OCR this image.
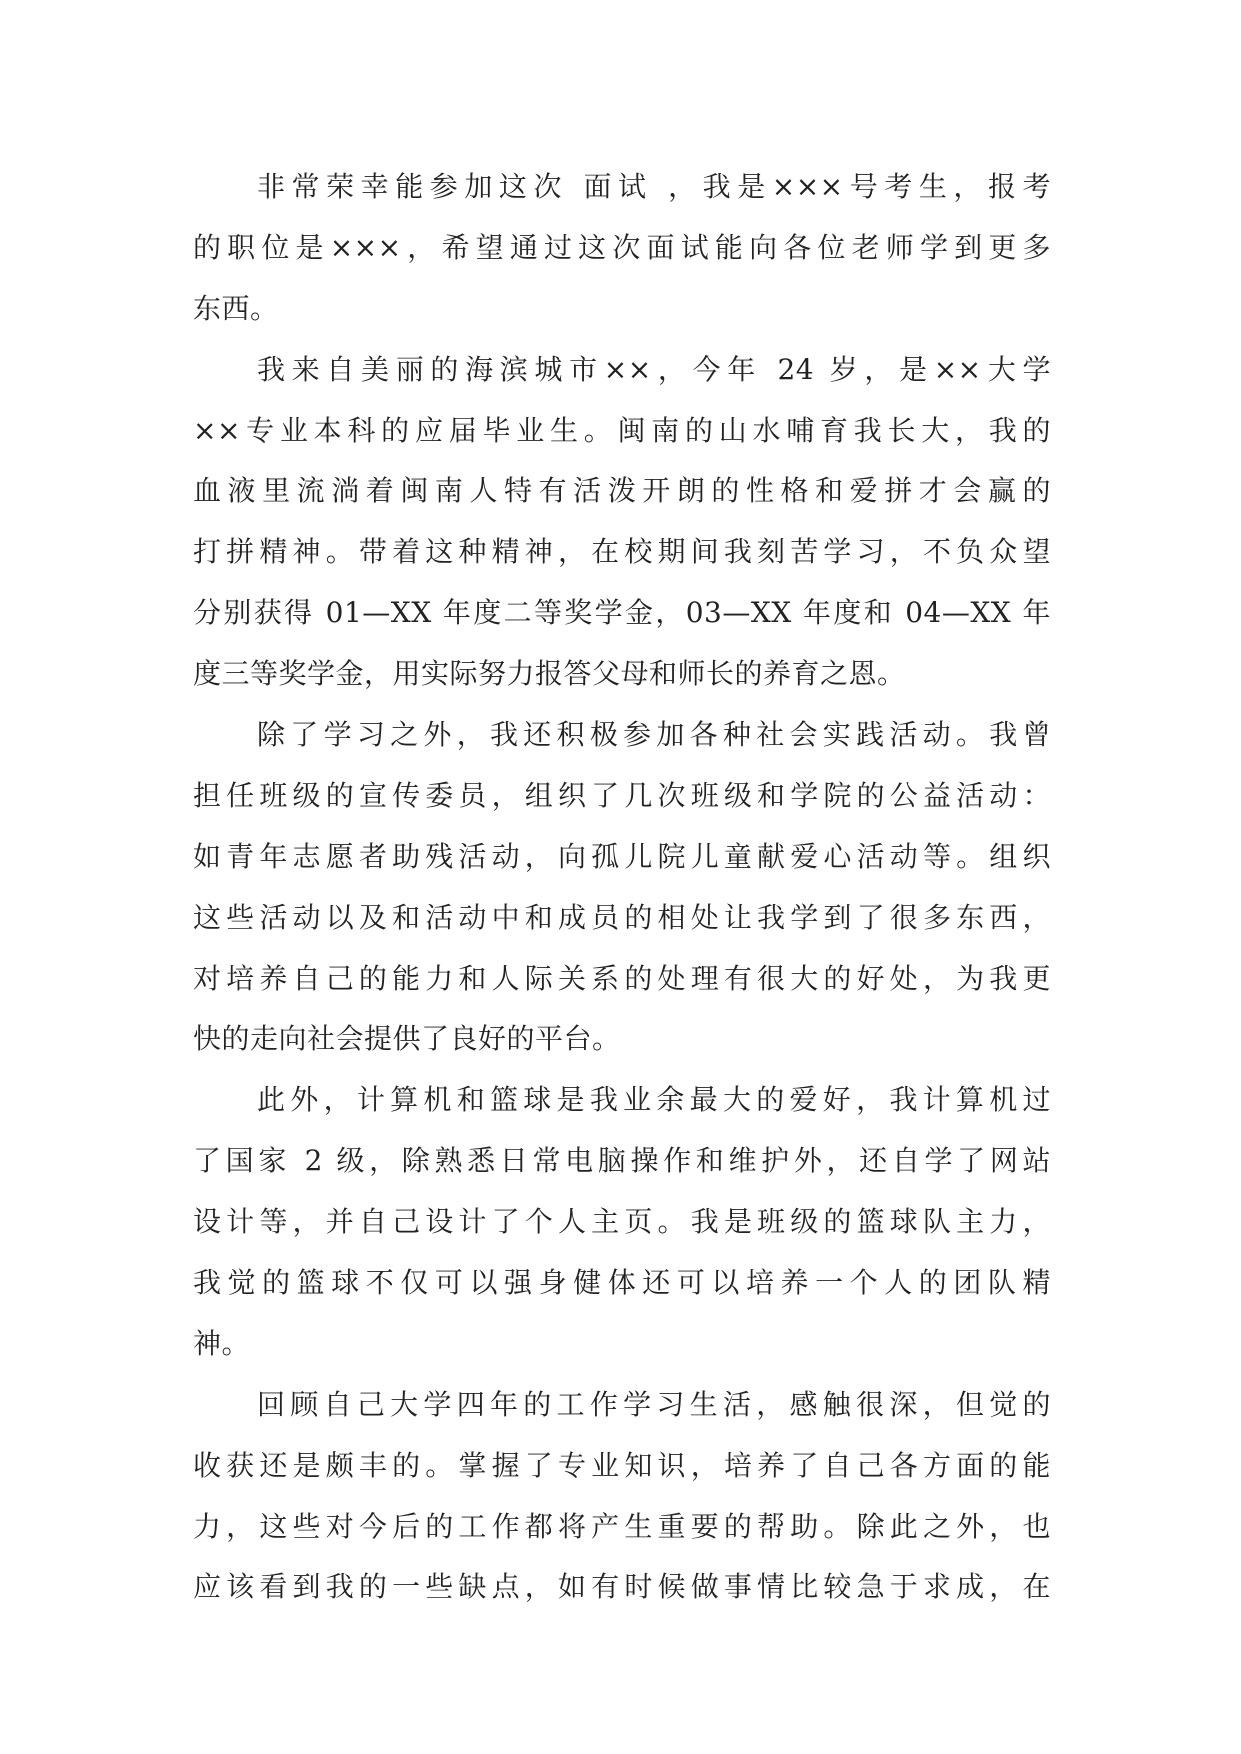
非常荣幸能参加这次 面试 ，我是×××号考生，报考
的职位是×××，希望通过这次面试能向各位老师学到更多
东西。
我来自美丽的海滨城市××，今年 24 岁，是××大学
××专业本科的应届毕业生。闽南的山水哺育我长大，我的
血液里流淌着闽南人特有活泼开朗的性格和爱拼才会赢的
打拼精神。带着这种精神，在校期间我刻苦学习，不负众望
分别获得 01—XX 年度二等奖学金，03—XX 年度和 04—XX 年
度三等奖学金，用实际努力报答父母和师长的养育之恩。
除了学习之外，我还积极参加各种社会实践活动。我曾
担任班级的宣传委员，组织了几次班级和学院的公益活动：
如青年志愿者助残活动，向孤儿院儿童献爱心活动等。组织
这些活动以及和活动中和成员的相处让我学到了很多东西，
对培养自己的能力和人际关系的处理有很大的好处，为我更
快的走向社会提供了良好的平台。
此外，计算机和篮球是我业余最大的爱好，我计算机过
了国家 2 级，除熟悉日常电脑操作和维护外，还自学了网站
设计等，并自己设计了个人主页。我是班级的篮球队主力，
我觉的篮球不仅可以强身健体还可以培养一个人的团队精
神。
回顾自己大学四年的工作学习生活，感触很深，但觉的
收获还是颇丰的。掌握了专业知识，培养了自己各方面的能
力，这些对今后的工作都将产生重要的帮助。除此之外，也
应该看到我的一些缺点，如有时候做事情比较急于求成，在
